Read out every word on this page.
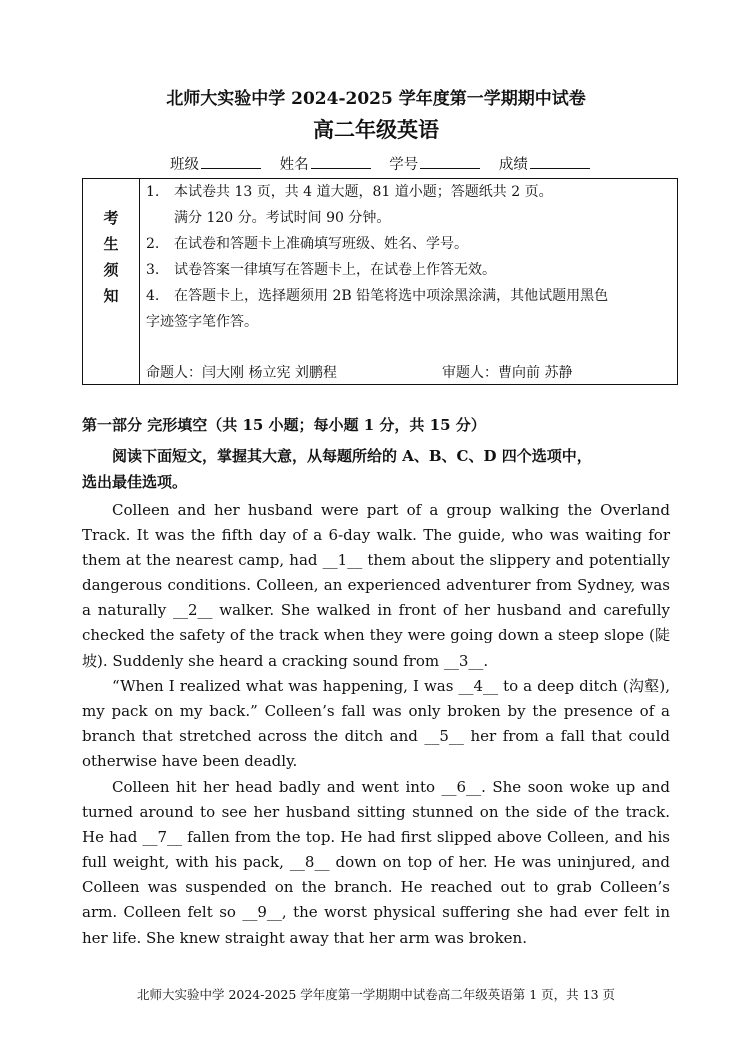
北师大实验中学 2024-2025 学年度第一学期期中试卷
高二年级英语
班级	姓名	学号	成绩
考
生
须
知
1. 本试卷共 13 页，共 4 道大题，81 道小题；答题纸共 2 页。
满分 120 分。考试时间 90 分钟。
2. 在试卷和答题卡上准确填写班级、姓名、学号。
3. 试卷答案一律填写在答题卡上，在试卷上作答无效。
4. 在答题卡上，选择题须用 2B 铅笔将选中项涂黑涂满，其他试题用黑色
字迹签字笔作答。
命题人：闫大刚 杨立宪 刘鹏程	审题人：曹向前 苏静
第一部分 完形填空（共 15 小题；每小题 1 分，共 15 分）
阅读下面短文，掌握其大意，从每题所给的 A、B、C、D 四个选项中，
选出最佳选项。
Colleen and her husband were part of a group walking the Overland Track. It was the fifth day of a 6-day walk. The guide, who was waiting for them at the nearest camp, had __1__ them about the slippery and potentially dangerous conditions. Colleen, an experienced adventurer from Sydney, was a naturally __2__ walker. She walked in front of her husband and carefully checked the safety of the track when they were going down a steep slope (陡坡). Suddenly she heard a cracking sound from __3__.
“When I realized what was happening, I was __4__ to a deep ditch (沟壑), my pack on my back.” Colleen’s fall was only broken by the presence of a branch that stretched across the ditch and __5__ her from a fall that could otherwise have been deadly.
Colleen hit her head badly and went into __6__. She soon woke up and turned around to see her husband sitting stunned on the side of the track. He had __7__ fallen from the top. He had first slipped above Colleen, and his full weight, with his pack, __8__ down on top of her. He was uninjured, and Colleen was suspended on the branch. He reached out to grab Colleen’s arm. Colleen felt so __9__, the worst physical suffering she had ever felt in her life. She knew straight away that her arm was broken.
北师大实验中学 2024-2025 学年度第一学期期中试卷高二年级英语第 1 页，共 13 页
